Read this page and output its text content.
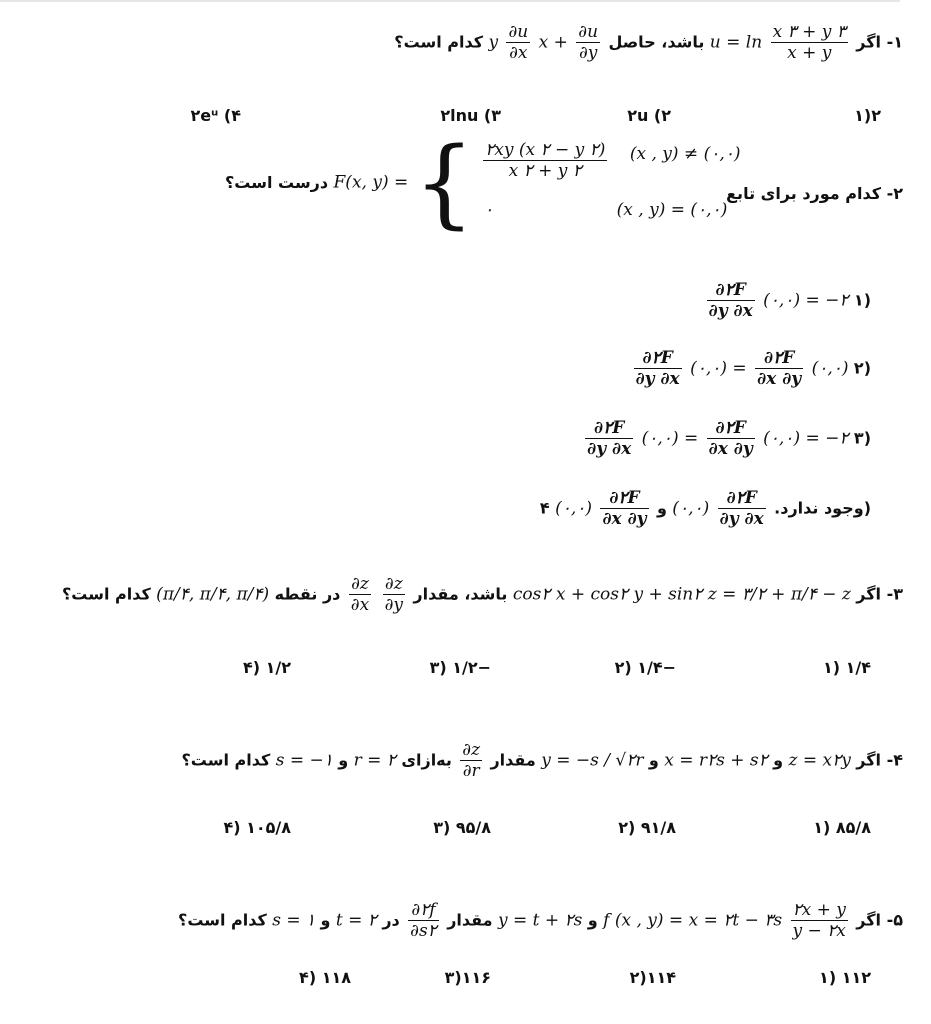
۱- اگر
$\frac{x ۳ + y ۳}{x + y}$
u = ln باشد، حاصل
$\frac{\partial u}{\partial y}$
+ y
$\frac{\partial u}{\partial x}$ x کدام است؟
۲(۱
۲u (۲
۲lnu (۳
۲eᵘ (۴
۲- کدام مورد برای تابع
درست است؟ F(x, y) = { $\frac{۲xy (x ۲ - y ۲)}{x ۲ + y ۲} (x$ , y) ≠ (۰,۰)
۰	(x , y) = (۰,۰)
$\frac{\partial ۲F}{\partial y \partial x}$ (۰,۰) = −۲ ۱)
$\frac{\partial ۲F}{\partial y \partial x}$ (۰,۰) = $\frac{\partial ۲F}{\partial x \partial y}$ (۰,۰) ۲)
$\frac{\partial ۲F}{\partial y \partial x}$ (۰,۰) = $\frac{\partial ۲F}{\partial x \partial y}$ (۰,۰) = −۲ ۳)
وجود ندارد.
$\frac{\partial ۲F}{\partial y \partial x}$
(۰,۰) و
$\frac{\partial ۲F}{\partial x \partial y}$
(۰,۰) ۴)
۳- اگر cos۲ x + cos۲ y + sin۲ z = ۳/۲ + π/۴ − z باشد، مقدار
$\frac{\partial z}{\partial y}$

$\frac{\partial z}{\partial x}$
در نقطه (π/۴, π/۴, π/۴) کدام است؟
۱/۴ (۱
−۱/۴ (۲
−۱/۲ (۳
۱/۲ (۴
۴- اگر z = x۲y و x = r۲s + s۲ و y = −s / √۲r مقدار
$\frac{\partial z}{\partial r}$
به‌ازای r = ۲ و s = −۱ کدام است؟
۸۵/۸ (۱
۹۱/۸ (۲
۹۵/۸ (۳
۱۰۵/۸ (۴
۵- اگر
$\frac{۲x + y}{y - ۲x}$
f (x , y) = x = ۲t − ۳s و y = t + ۲s مقدار
$\frac{\partial ۲f}{\partial s۲}$
در t = ۲ و s = ۱ کدام است؟
۱۱۲ (۱
۱۱۴(۲
۱۱۶(۳
۱۱۸ (۴
